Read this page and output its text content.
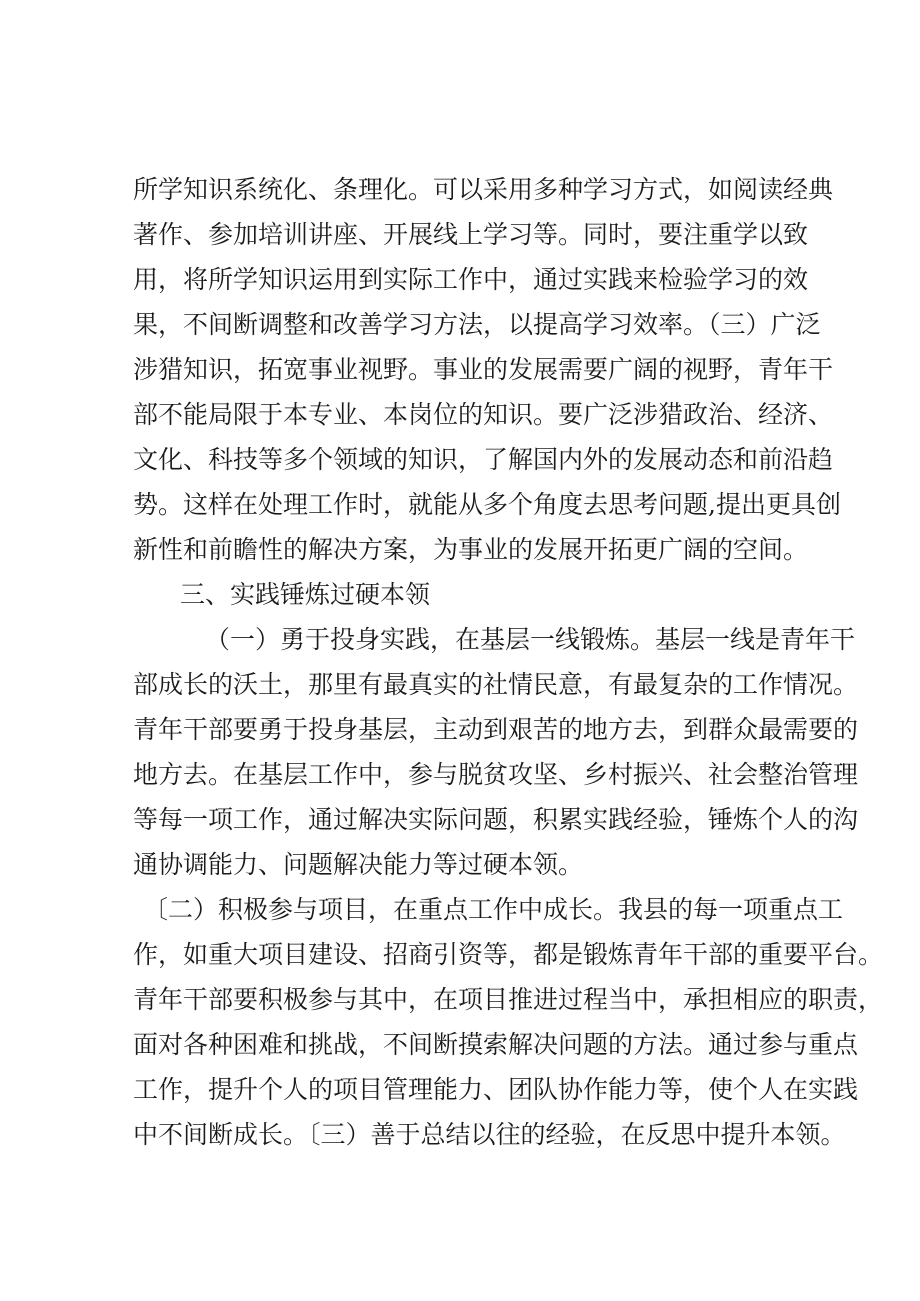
所学知识系统化、条理化。可以采用多种学习方式，如阅读经典
著作、参加培训讲座、开展线上学习等。同时，要注重学以致
用，将所学知识运用到实际工作中，通过实践来检验学习的效
果，不间断调整和改善学习方法，以提高学习效率。（三）广泛
涉猎知识，拓宽事业视野。事业的发展需要广阔的视野，青年干
部不能局限于本专业、本岗位的知识。要广泛涉猎政治、经济、
文化、科技等多个领域的知识，了解国内外的发展动态和前沿趋
势。这样在处理工作时，就能从多个角度去思考问题,提出更具创
新性和前瞻性的解决方案，为事业的发展开拓更广阔的空间。
三、实践锤炼过硬本领
（一）勇于投身实践，在基层一线锻炼。基层一线是青年干
部成长的沃土，那里有最真实的社情民意，有最复杂的工作情况。
青年干部要勇于投身基层，主动到艰苦的地方去，到群众最需要的
地方去。在基层工作中，参与脱贫攻坚、乡村振兴、社会整治管理
等每一项工作，通过解决实际问题，积累实践经验，锤炼个人的沟
通协调能力、问题解决能力等过硬本领。
〔二）积极参与项目，在重点工作中成长。我县的每一项重点工
作，如重大项目建设、招商引资等，都是锻炼青年干部的重要平台。
青年干部要积极参与其中，在项目推进过程当中，承担相应的职责，
面对各种困难和挑战，不间断摸索解决问题的方法。通过参与重点
工作，提升个人的项目管理能力、团队协作能力等，使个人在实践
中不间断成长。〔三）善于总结以往的经验，在反思中提升本领。
